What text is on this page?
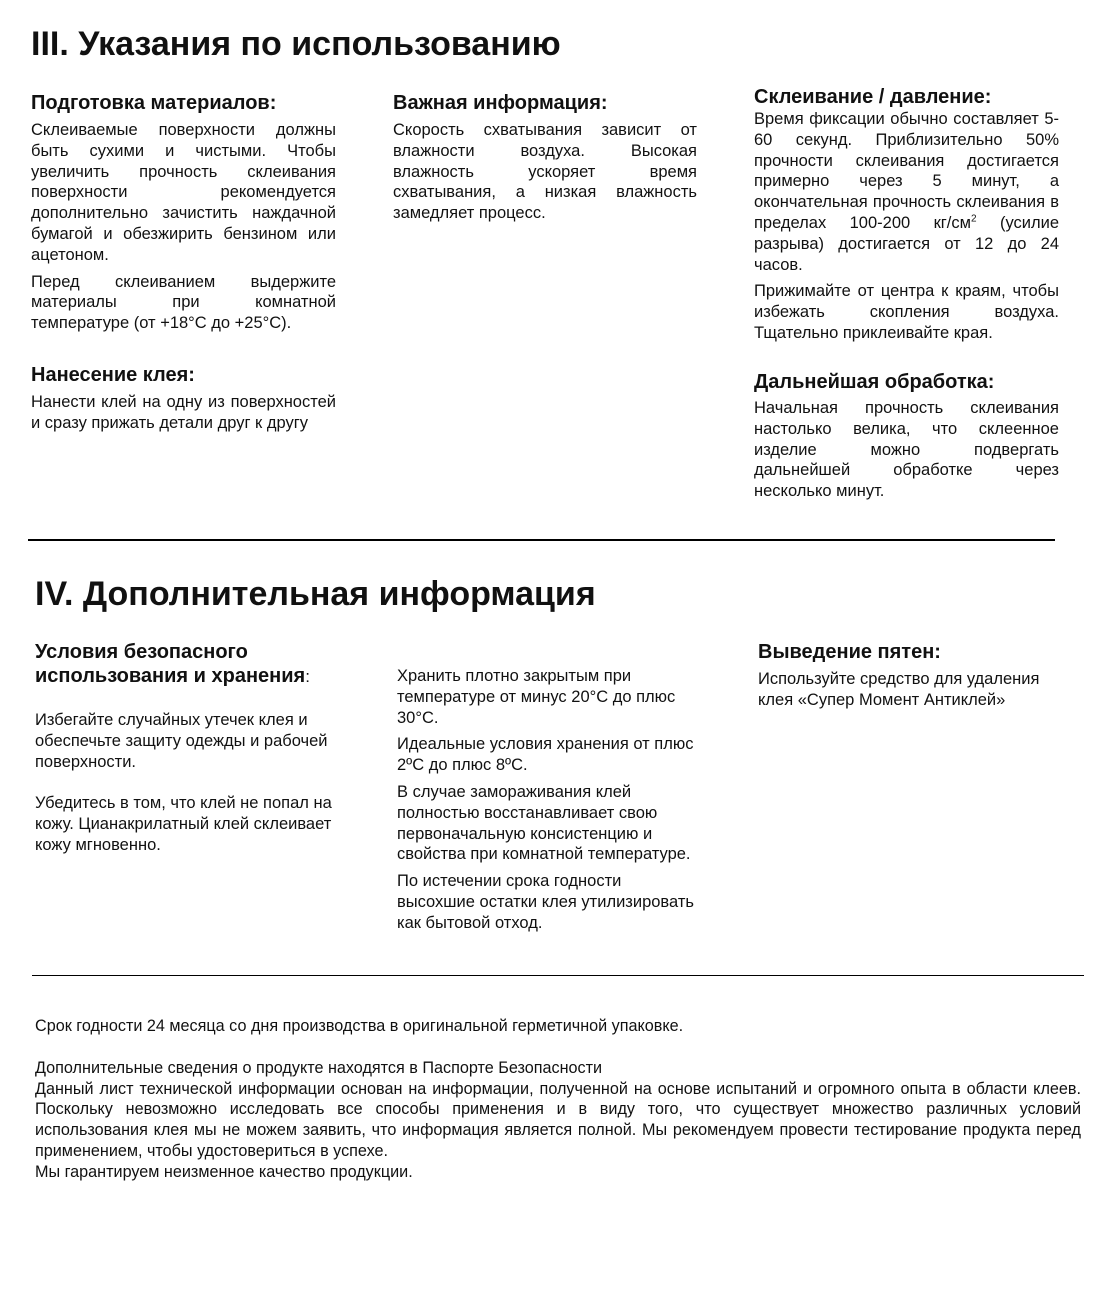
III. Указания по использованию
Подготовка материалов:

Склеиваемые поверхности должны быть сухими и чистыми. Чтобы увеличить прочность склеивания поверхности рекомендуется дополнительно зачистить наждачной бумагой и обезжирить бензином или ацетоном.

Перед склеиванием выдержите материалы при комнатной температуре (от +18°С до +25°С).

Нанесение клея:

Нанести клей на одну из поверхностей и сразу прижать детали друг к другу

Важная информация:

Скорость схватывания зависит от влажности воздуха. Высокая влажность ускоряет время схватывания, а низкая влажность замедляет процесс.

Склеивание / давление:

Время фиксации обычно составляет 5-60 секунд. Приблизительно 50% прочности склеивания достигается примерно через 5 минут, а окончательная прочность склеивания в пределах 100-200 $кг/см^2$ (усилие разрыва) достигается от 12 до 24 часов.

Прижимайте от центра к краям, чтобы избежать скопления воздуха. Тщательно приклеивайте края.

Дальнейшая обработка:

Начальная прочность склеивания настолько велика, что склеенное изделие можно подвергать дальнейшей обработке через несколько минут.

IV. Дополнительная информация
Условия безопасного
использования и хранения:

Избегайте случайных утечек клея и обеспечьте защиту одежды и рабочей поверхности.

Убедитесь в том, что клей не попал на кожу. Цианакрилатный клей склеивает кожу мгновенно.

Хранить плотно закрытым при температуре от минус 20°С до плюс 30°С.

Идеальные условия хранения от плюс 2ºС до плюс 8ºС.

В случае замораживания клей полностью восстанавливает свою первоначальную консистенцию и свойства при комнатной температуре.

По истечении срока годности высохшие остатки клея утилизировать как бытовой отход.

Выведение пятен:

Используйте средство для удаления клея «Супер Момент Антиклей»

Срок годности 24 месяца со дня производства в оригинальной герметичной упаковке.

Дополнительные сведения о продукте находятся в Паспорте Безопасности

Данный лист технической информации основан на информации, полученной на основе испытаний и огромного опыта в области клеев. Поскольку невозможно исследовать все способы применения и в виду того, что существует множество различных условий использования клея мы не можем заявить, что информация является полной. Мы рекомендуем провести тестирование продукта перед применением, чтобы удостовериться в успехе.

Мы гарантируем неизменное качество продукции.
